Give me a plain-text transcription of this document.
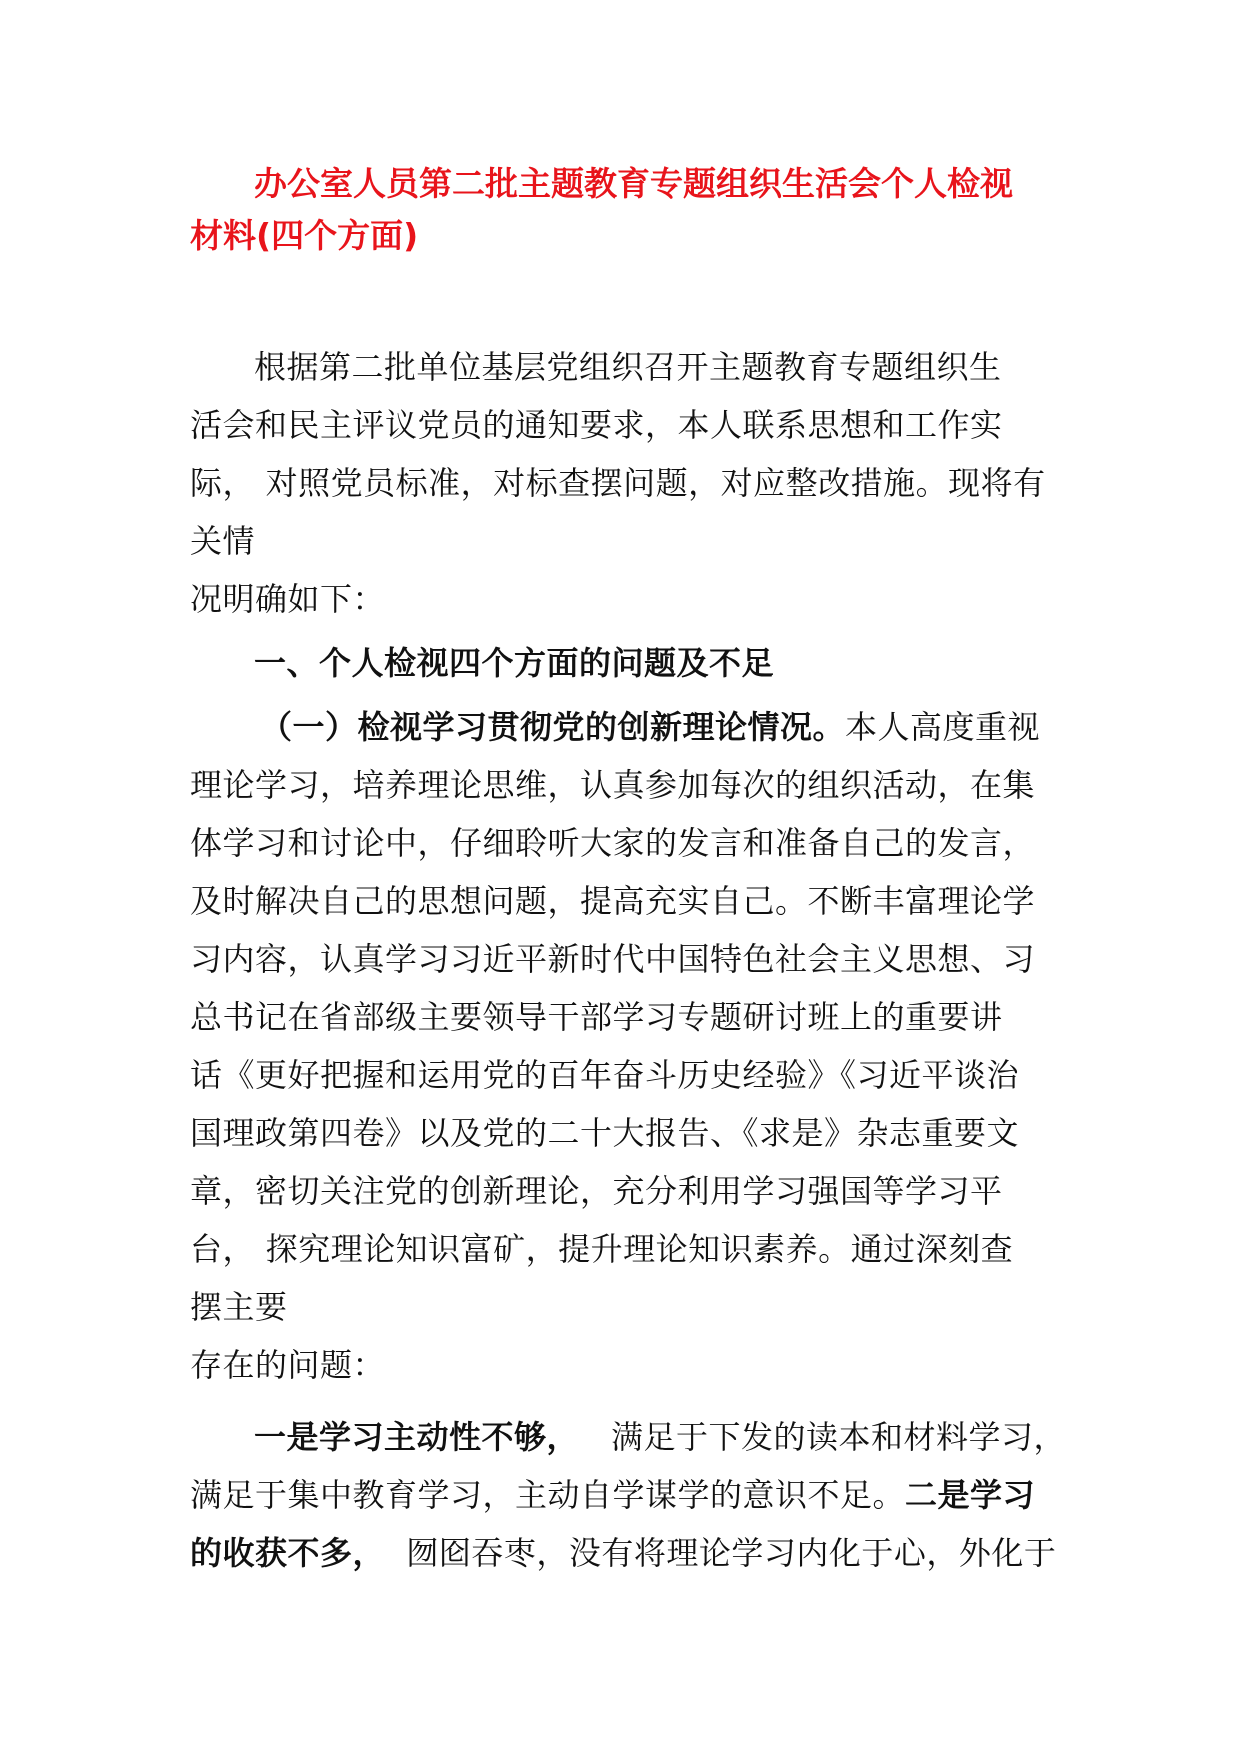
办公室人员第二批主题教育专题组织生活会个人检视
材料(四个方面)
根据第二批单位基层党组织召开主题教育专题组织生
活会和民主评议党员的通知要求，本人联系思想和工作实
际， 对照党员标准，对标查摆问题，对应整改措施。现将有
关情
况明确如下：
一、个人检视四个方面的问题及不足
（一）检视学习贯彻党的创新理论情况。本人高度重视
理论学习，培养理论思维，认真参加每次的组织活动，在集
体学习和讨论中，仔细聆听大家的发言和准备自己的发言，
及时解决自己的思想问题，提高充实自己。不断丰富理论学
习内容，认真学习习近平新时代中国特色社会主义思想、习
总书记在省部级主要领导干部学习专题研讨班上的重要讲
话《更好把握和运用党的百年奋斗历史经验》《习近平谈治
国理政第四卷》以及党的二十大报告、《求是》杂志重要文
章，密切关注党的创新理论，充分利用学习强国等学习平
台， 探究理论知识富矿，提升理论知识素养。通过深刻查
摆主要
存在的问题：
一是学习主动性不够，   满足于下发的读本和材料学习，
满足于集中教育学习，主动自学谋学的意识不足。二是学习
的收获不多，  囫囵吞枣，没有将理论学习内化于心，外化于
